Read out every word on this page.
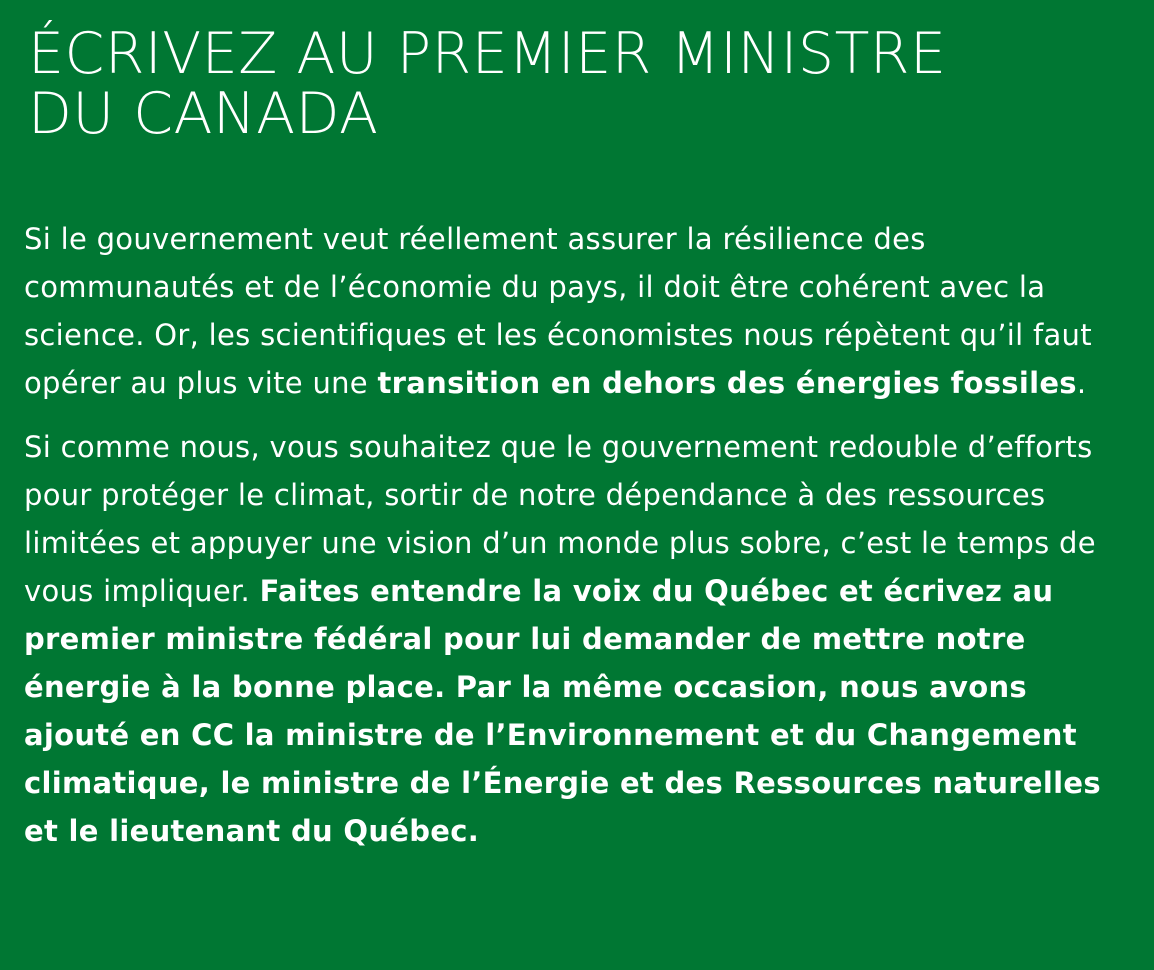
ÉCRIVEZ AU PREMIER MINISTRE
DU CANADA

Si le gouvernement veut réellement assurer la résilience des communautés et de l’économie du pays, il doit être cohérent avec la science. Or, les scientifiques et les économistes nous répètent qu’il faut opérer au plus vite une transition en dehors des énergies fossiles.

Si comme nous, vous souhaitez que le gouvernement redouble d’efforts pour protéger le climat, sortir de notre dépendance à des ressources limitées et appuyer une vision d’un monde plus sobre, c’est le temps de vous impliquer. Faites entendre la voix du Québec et écrivez au premier ministre fédéral pour lui demander de mettre notre énergie à la bonne place. Par la même occasion, nous avons ajouté en CC la ministre de l’Environnement et du Changement climatique, le ministre de l’Énergie et des Ressources naturelles et le lieutenant du Québec.
